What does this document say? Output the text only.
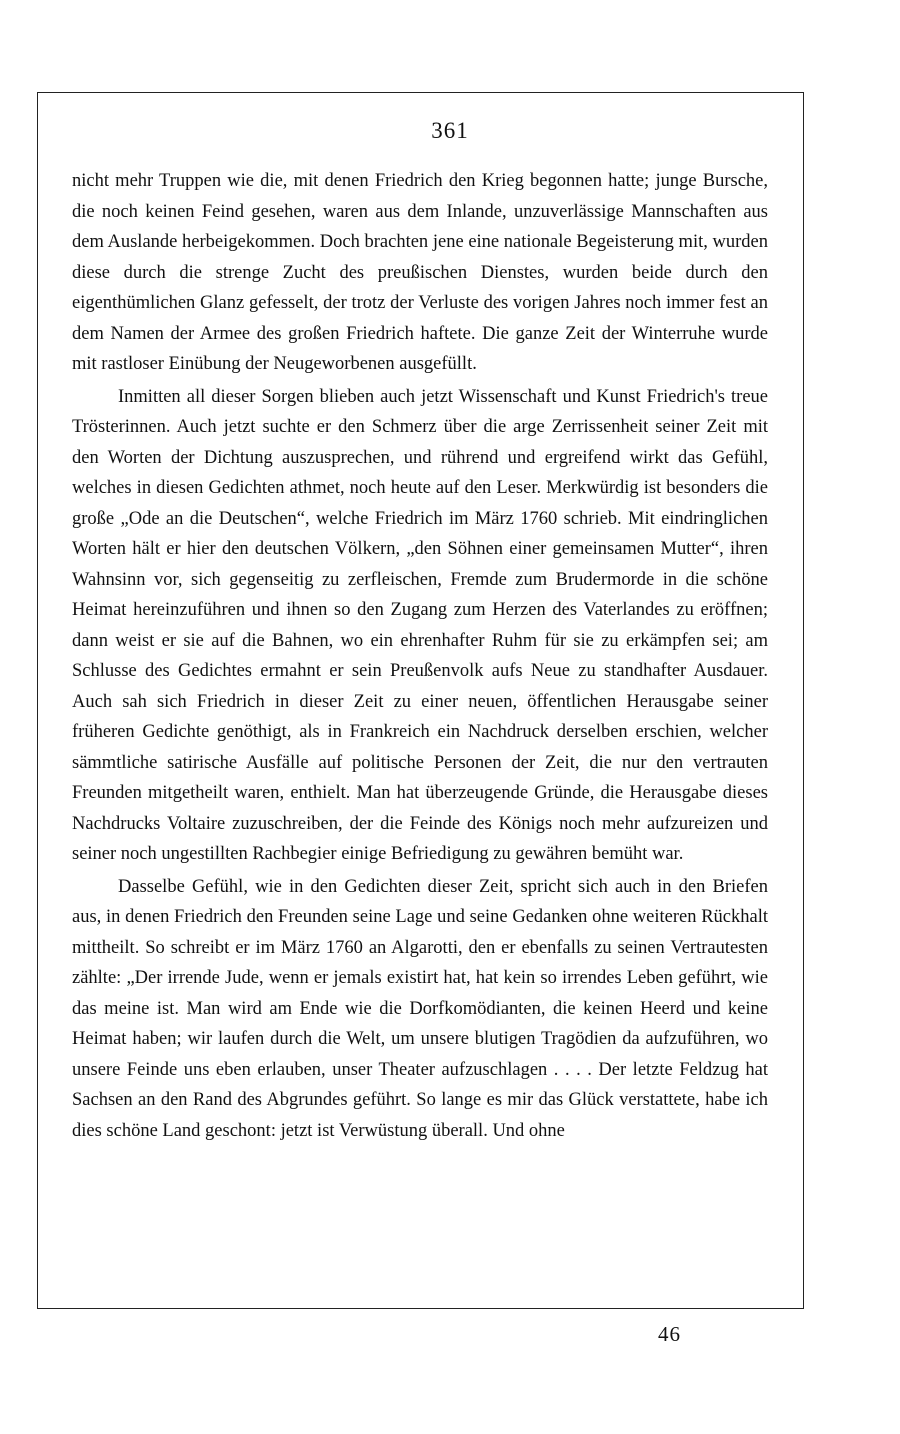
361

nicht mehr Truppen wie die, mit denen Friedrich den Krieg begonnen hatte; junge Bursche, die noch keinen Feind gesehen, waren aus dem Inlande, unzuverlässige Mannschaften aus dem Auslande herbeigekommen. Doch brachten jene eine nationale Begeisterung mit, wurden diese durch die strenge Zucht des preußischen Dienstes, wurden beide durch den eigenthümlichen Glanz gefesselt, der trotz der Verluste des vorigen Jahres noch immer fest an dem Namen der Armee des großen Friedrich haftete. Die ganze Zeit der Winterruhe wurde mit rastloser Einübung der Neugeworbenen ausgefüllt.

Inmitten all dieser Sorgen blieben auch jetzt Wissenschaft und Kunst Friedrich's treue Trösterinnen. Auch jetzt suchte er den Schmerz über die arge Zerrissenheit seiner Zeit mit den Worten der Dichtung auszusprechen, und rührend und ergreifend wirkt das Gefühl, welches in diesen Gedichten athmet, noch heute auf den Leser. Merkwürdig ist besonders die große „Ode an die Deutschen“, welche Friedrich im März 1760 schrieb. Mit eindringlichen Worten hält er hier den deutschen Völkern, „den Söhnen einer gemeinsamen Mutter“, ihren Wahnsinn vor, sich gegenseitig zu zerfleischen, Fremde zum Brudermorde in die schöne Heimat hereinzuführen und ihnen so den Zugang zum Herzen des Vaterlandes zu eröffnen; dann weist er sie auf die Bahnen, wo ein ehrenhafter Ruhm für sie zu erkämpfen sei; am Schlusse des Gedichtes ermahnt er sein Preußenvolk aufs Neue zu standhafter Ausdauer. Auch sah sich Friedrich in dieser Zeit zu einer neuen, öffentlichen Herausgabe seiner früheren Gedichte genöthigt, als in Frankreich ein Nachdruck derselben erschien, welcher sämmtliche satirische Ausfälle auf politische Personen der Zeit, die nur den vertrauten Freunden mitgetheilt waren, enthielt. Man hat überzeugende Gründe, die Herausgabe dieses Nachdrucks Voltaire zuzuschreiben, der die Feinde des Königs noch mehr aufzureizen und seiner noch ungestillten Rachbegier einige Befriedigung zu gewähren bemüht war.

Dasselbe Gefühl, wie in den Gedichten dieser Zeit, spricht sich auch in den Briefen aus, in denen Friedrich den Freunden seine Lage und seine Gedanken ohne weiteren Rückhalt mittheilt. So schreibt er im März 1760 an Algarotti, den er ebenfalls zu seinen Vertrautesten zählte: „Der irrende Jude, wenn er jemals existirt hat, hat kein so irrendes Leben geführt, wie das meine ist. Man wird am Ende wie die Dorfkomödianten, die keinen Heerd und keine Heimat haben; wir laufen durch die Welt, um unsere blutigen Tragödien da aufzuführen, wo unsere Feinde uns eben erlauben, unser Theater aufzuschlagen . . . . Der letzte Feldzug hat Sachsen an den Rand des Abgrundes geführt. So lange es mir das Glück verstattete, habe ich dies schöne Land geschont: jetzt ist Verwüstung überall. Und ohne

46
